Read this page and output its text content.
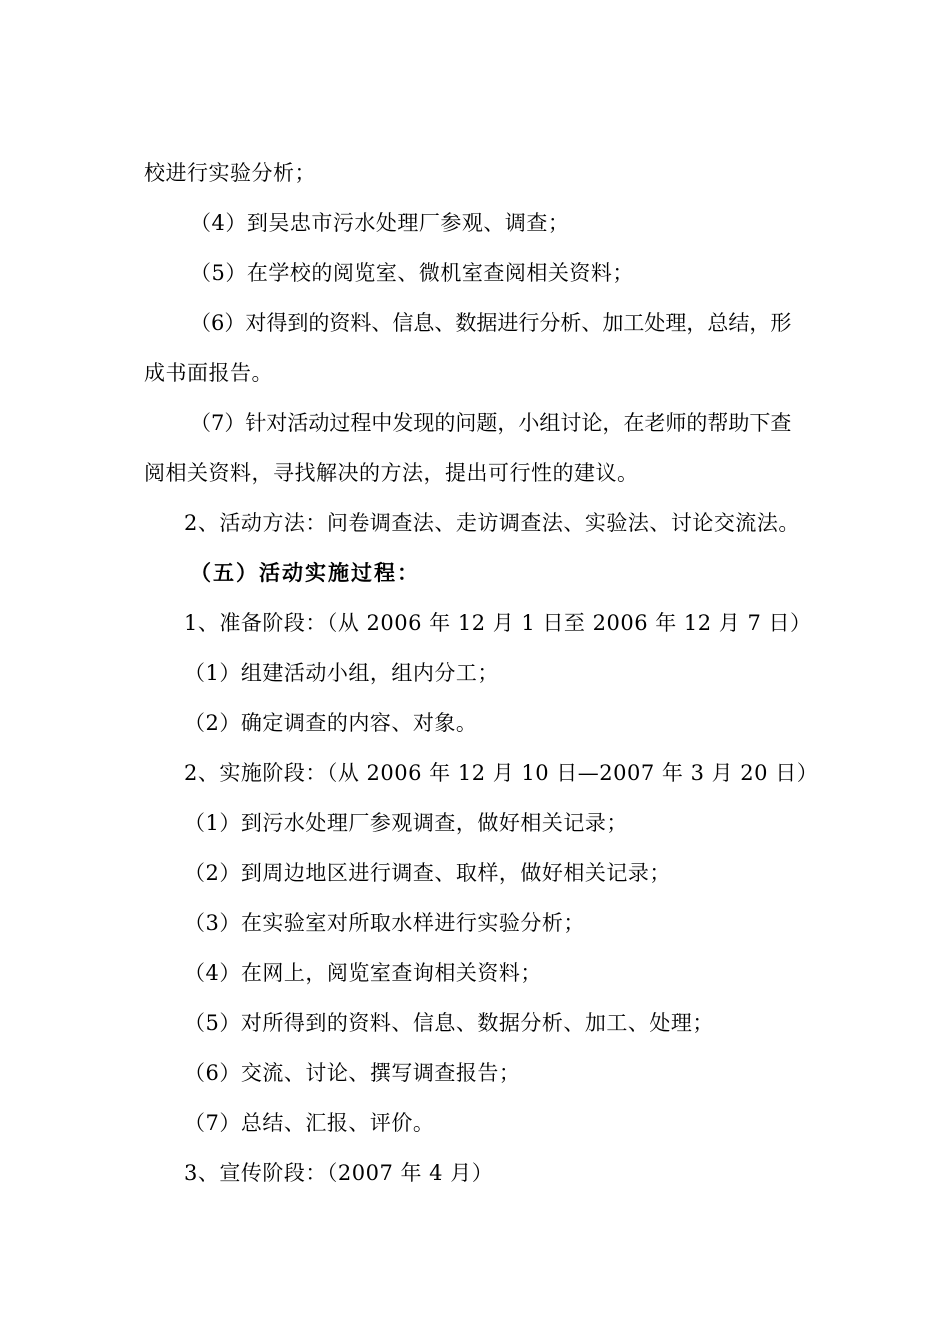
校进行实验分析；
（4）到吴忠市污水处理厂参观、调查；
（5）在学校的阅览室、微机室查阅相关资料；
（6）对得到的资料、信息、数据进行分析、加工处理，总结，形
成书面报告。
（7）针对活动过程中发现的问题，小组讨论，在老师的帮助下查
阅相关资料，寻找解决的方法，提出可行性的建议。
2、活动方法：问卷调查法、走访调查法、实验法、讨论交流法。
（五）活动实施过程：
1、准备阶段：（从 2006 年 12 月 1 日至 2006 年 12 月 7 日）
（1）组建活动小组，组内分工；
（2）确定调查的内容、对象。
2、实施阶段：（从 2006 年 12 月 10 日—2007 年 3 月 20 日）
（1）到污水处理厂参观调查，做好相关记录；
（2）到周边地区进行调查、取样，做好相关记录；
（3）在实验室对所取水样进行实验分析；
（4）在网上，阅览室查询相关资料；
（5）对所得到的资料、信息、数据分析、加工、处理；
（6）交流、讨论、撰写调查报告；
（7）总结、汇报、评价。
3、宣传阶段：（2007 年 4 月）
